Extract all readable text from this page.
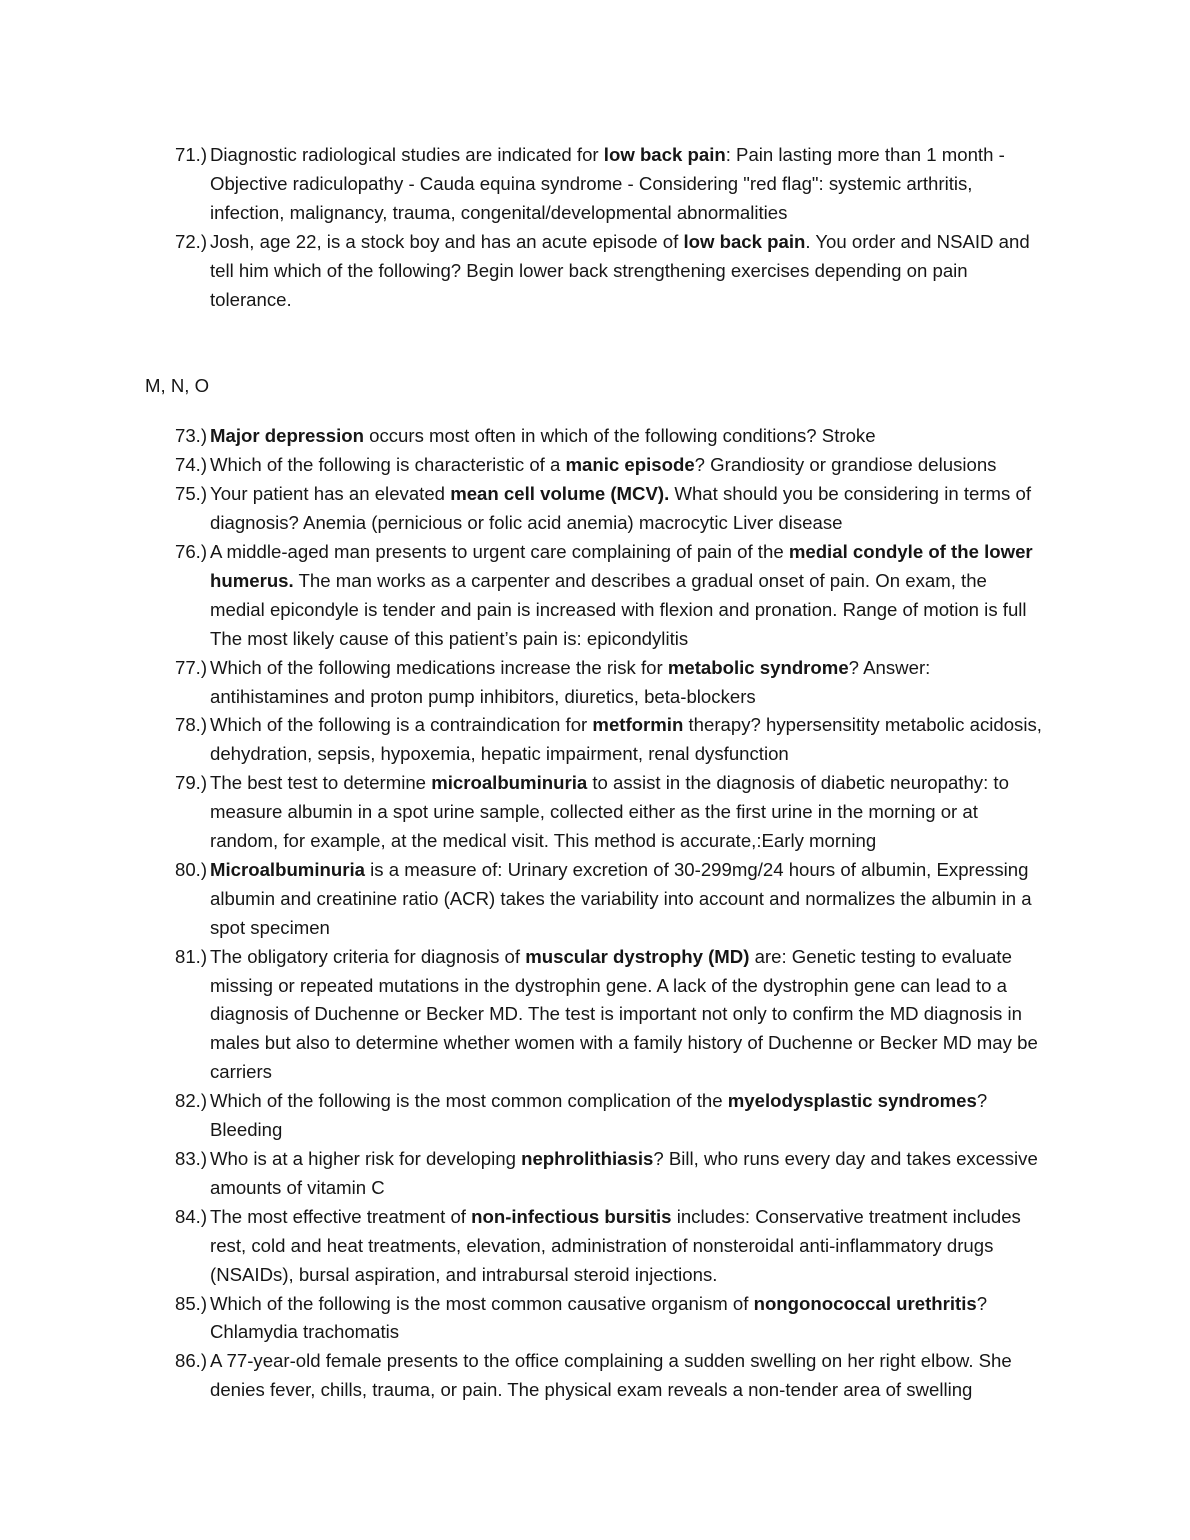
71.) Diagnostic radiological studies are indicated for low back pain: Pain lasting more than 1 month - Objective radiculopathy - Cauda equina syndrome - Considering "red flag": systemic arthritis, infection, malignancy, trauma, congenital/developmental abnormalities
72.) Josh, age 22, is a stock boy and has an acute episode of low back pain. You order and NSAID and tell him which of the following? Begin lower back strengthening exercises depending on pain tolerance.
M, N, O
73.) Major depression occurs most often in which of the following conditions? Stroke
74.) Which of the following is characteristic of a manic episode? Grandiosity or grandiose delusions
75.) Your patient has an elevated mean cell volume (MCV). What should you be considering in terms of diagnosis? Anemia (pernicious or folic acid anemia) macrocytic Liver disease
76.) A middle-aged man presents to urgent care complaining of pain of the medial condyle of the lower humerus. The man works as a carpenter and describes a gradual onset of pain. On exam, the medial epicondyle is tender and pain is increased with flexion and pronation. Range of motion is full The most likely cause of this patient’s pain is: epicondylitis
77.) Which of the following medications increase the risk for metabolic syndrome? Answer: antihistamines and proton pump inhibitors, diuretics, beta-blockers
78.) Which of the following is a contraindication for metformin therapy? hypersensitity metabolic acidosis, dehydration, sepsis, hypoxemia, hepatic impairment, renal dysfunction
79.) The best test to determine microalbuminuria to assist in the diagnosis of diabetic neuropathy: to measure albumin in a spot urine sample, collected either as the first urine in the morning or at random, for example, at the medical visit. This method is accurate,:Early morning
80.) Microalbuminuria is a measure of: Urinary excretion of 30-299mg/24 hours of albumin, Expressing albumin and creatinine ratio (ACR) takes the variability into account and normalizes the albumin in a spot specimen
81.) The obligatory criteria for diagnosis of muscular dystrophy (MD) are: Genetic testing to evaluate missing or repeated mutations in the dystrophin gene. A lack of the dystrophin gene can lead to a diagnosis of Duchenne or Becker MD. The test is important not only to confirm the MD diagnosis in males but also to determine whether women with a family history of Duchenne or Becker MD may be carriers
82.) Which of the following is the most common complication of the myelodysplastic syndromes? Bleeding
83.) Who is at a higher risk for developing nephrolithiasis? Bill, who runs every day and takes excessive amounts of vitamin C
84.) The most effective treatment of non-infectious bursitis includes: Conservative treatment includes rest, cold and heat treatments, elevation, administration of nonsteroidal anti-inflammatory drugs (NSAIDs), bursal aspiration, and intrabursal steroid injections.
85.) Which of the following is the most common causative organism of nongonococcal urethritis? Chlamydia trachomatis
86.) A 77-year-old female presents to the office complaining a sudden swelling on her right elbow. She denies fever, chills, trauma, or pain. The physical exam reveals a non-tender area of swelling
